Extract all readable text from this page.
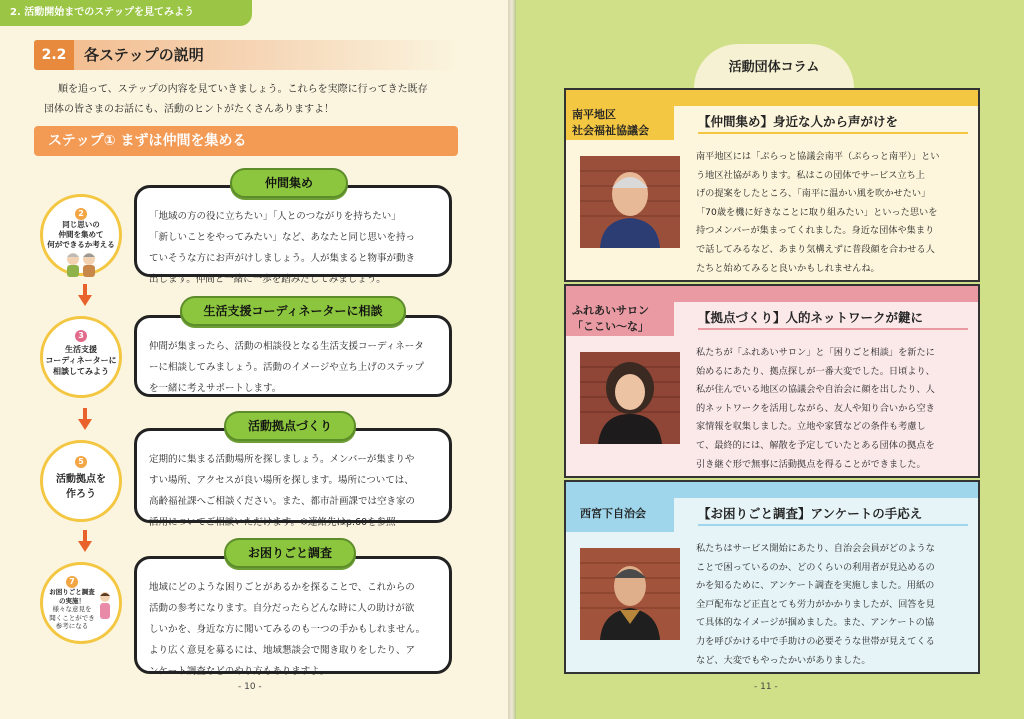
2. 活動開始までのステップを見てみよう
2.2	各ステップの説明
順を追って、ステップの内容を見ていきましょう。これらを実際に行ってきた既存
団体の皆さまのお話にも、活動のヒントがたくさんありますよ！
ステップ① まずは仲間を集める
2
同じ思いの
仲間を集めて
何ができるか考える
3
生活支援
コーディネーターに
相談してみよう
5
活動拠点を
作ろう
7
お困りごと調査
の実施！
様々な意見を
聞くことができ
参考になる
「地域の方の役に立ちたい」「人とのつながりを持ちたい」
「新しいことをやってみたい」など、あなたと同じ思いを持っ
ていそうな方にお声がけしましょう。人が集まると物事が動き
出します。仲間と一緒に一歩を踏みだしてみましょう。
仲間集め
仲間が集まったら、活動の相談役となる生活支援コーディネータ
ーに相談してみましょう。活動のイメージや立ち上げのステップ
を一緒に考えサポートします。
生活支援コーディネーターに相談
定期的に集まる活動場所を探しましょう。メンバーが集まりや
すい場所、アクセスが良い場所を探します。場所については、
高齢福祉課へご相談ください。また、都市計画課では空き家の
活用についてご相談いただけます。※連絡先はp.60を参照
活動拠点づくり
地域にどのような困りごとがあるかを探ることで、これからの
活動の参考になります。自分だったらどんな時に人の助けが欲
しいかを、身近な方に聞いてみるのも一つの手かもしれません。
より広く意見を募るには、地域懇談会で聞き取りをしたり、ア
ンケート調査などのやり方もありますよ。
お困りごと調査
- 10 -
活動団体コラム
南平地区
社会福祉協議会
【仲間集め】身近な人から声がけを
南平地区には「ぷらっと協議会南平（ぷらっと南平）」とい
う地区社協があります。私はこの団体でサービス立ち上
げの提案をしたところ、「南平に温かい風を吹かせたい」
「70歳を機に好きなことに取り組みたい」といった思いを
持つメンバーが集まってくれました。身近な団体や集まり
で話してみるなど、あまり気構えずに普段顔を合わせる人
たちと始めてみると良いかもしれませんね。
ふれあいサロン
「ここい〜な」
【拠点づくり】人的ネットワークが鍵に
私たちが「ふれあいサロン」と「困りごと相談」を新たに
始めるにあたり、拠点探しが一番大変でした。日頃より、
私が住んでいる地区の協議会や自治会に顔を出したり、人
的ネットワークを活用しながら、友人や知り合いから空き
家情報を収集しました。立地や家賃などの条件も考慮し
て、最終的には、解散を予定していたとある団体の拠点を
引き継ぐ形で無事に活動拠点を得ることができました。
西宮下自治会	【お困りごと調査】アンケートの手応え
私たちはサービス開始にあたり、自治会会員がどのような
ことで困っているのか、どのくらいの利用者が見込めるの
かを知るために、アンケート調査を実施しました。用紙の
全戸配布など正直とても労力がかかりましたが、回答を見
て具体的なイメージが掴めました。また、アンケートの協
力を呼びかける中で手助けの必要そうな世帯が見えてくる
など、大変でもやったかいがありました。
- 11 -
